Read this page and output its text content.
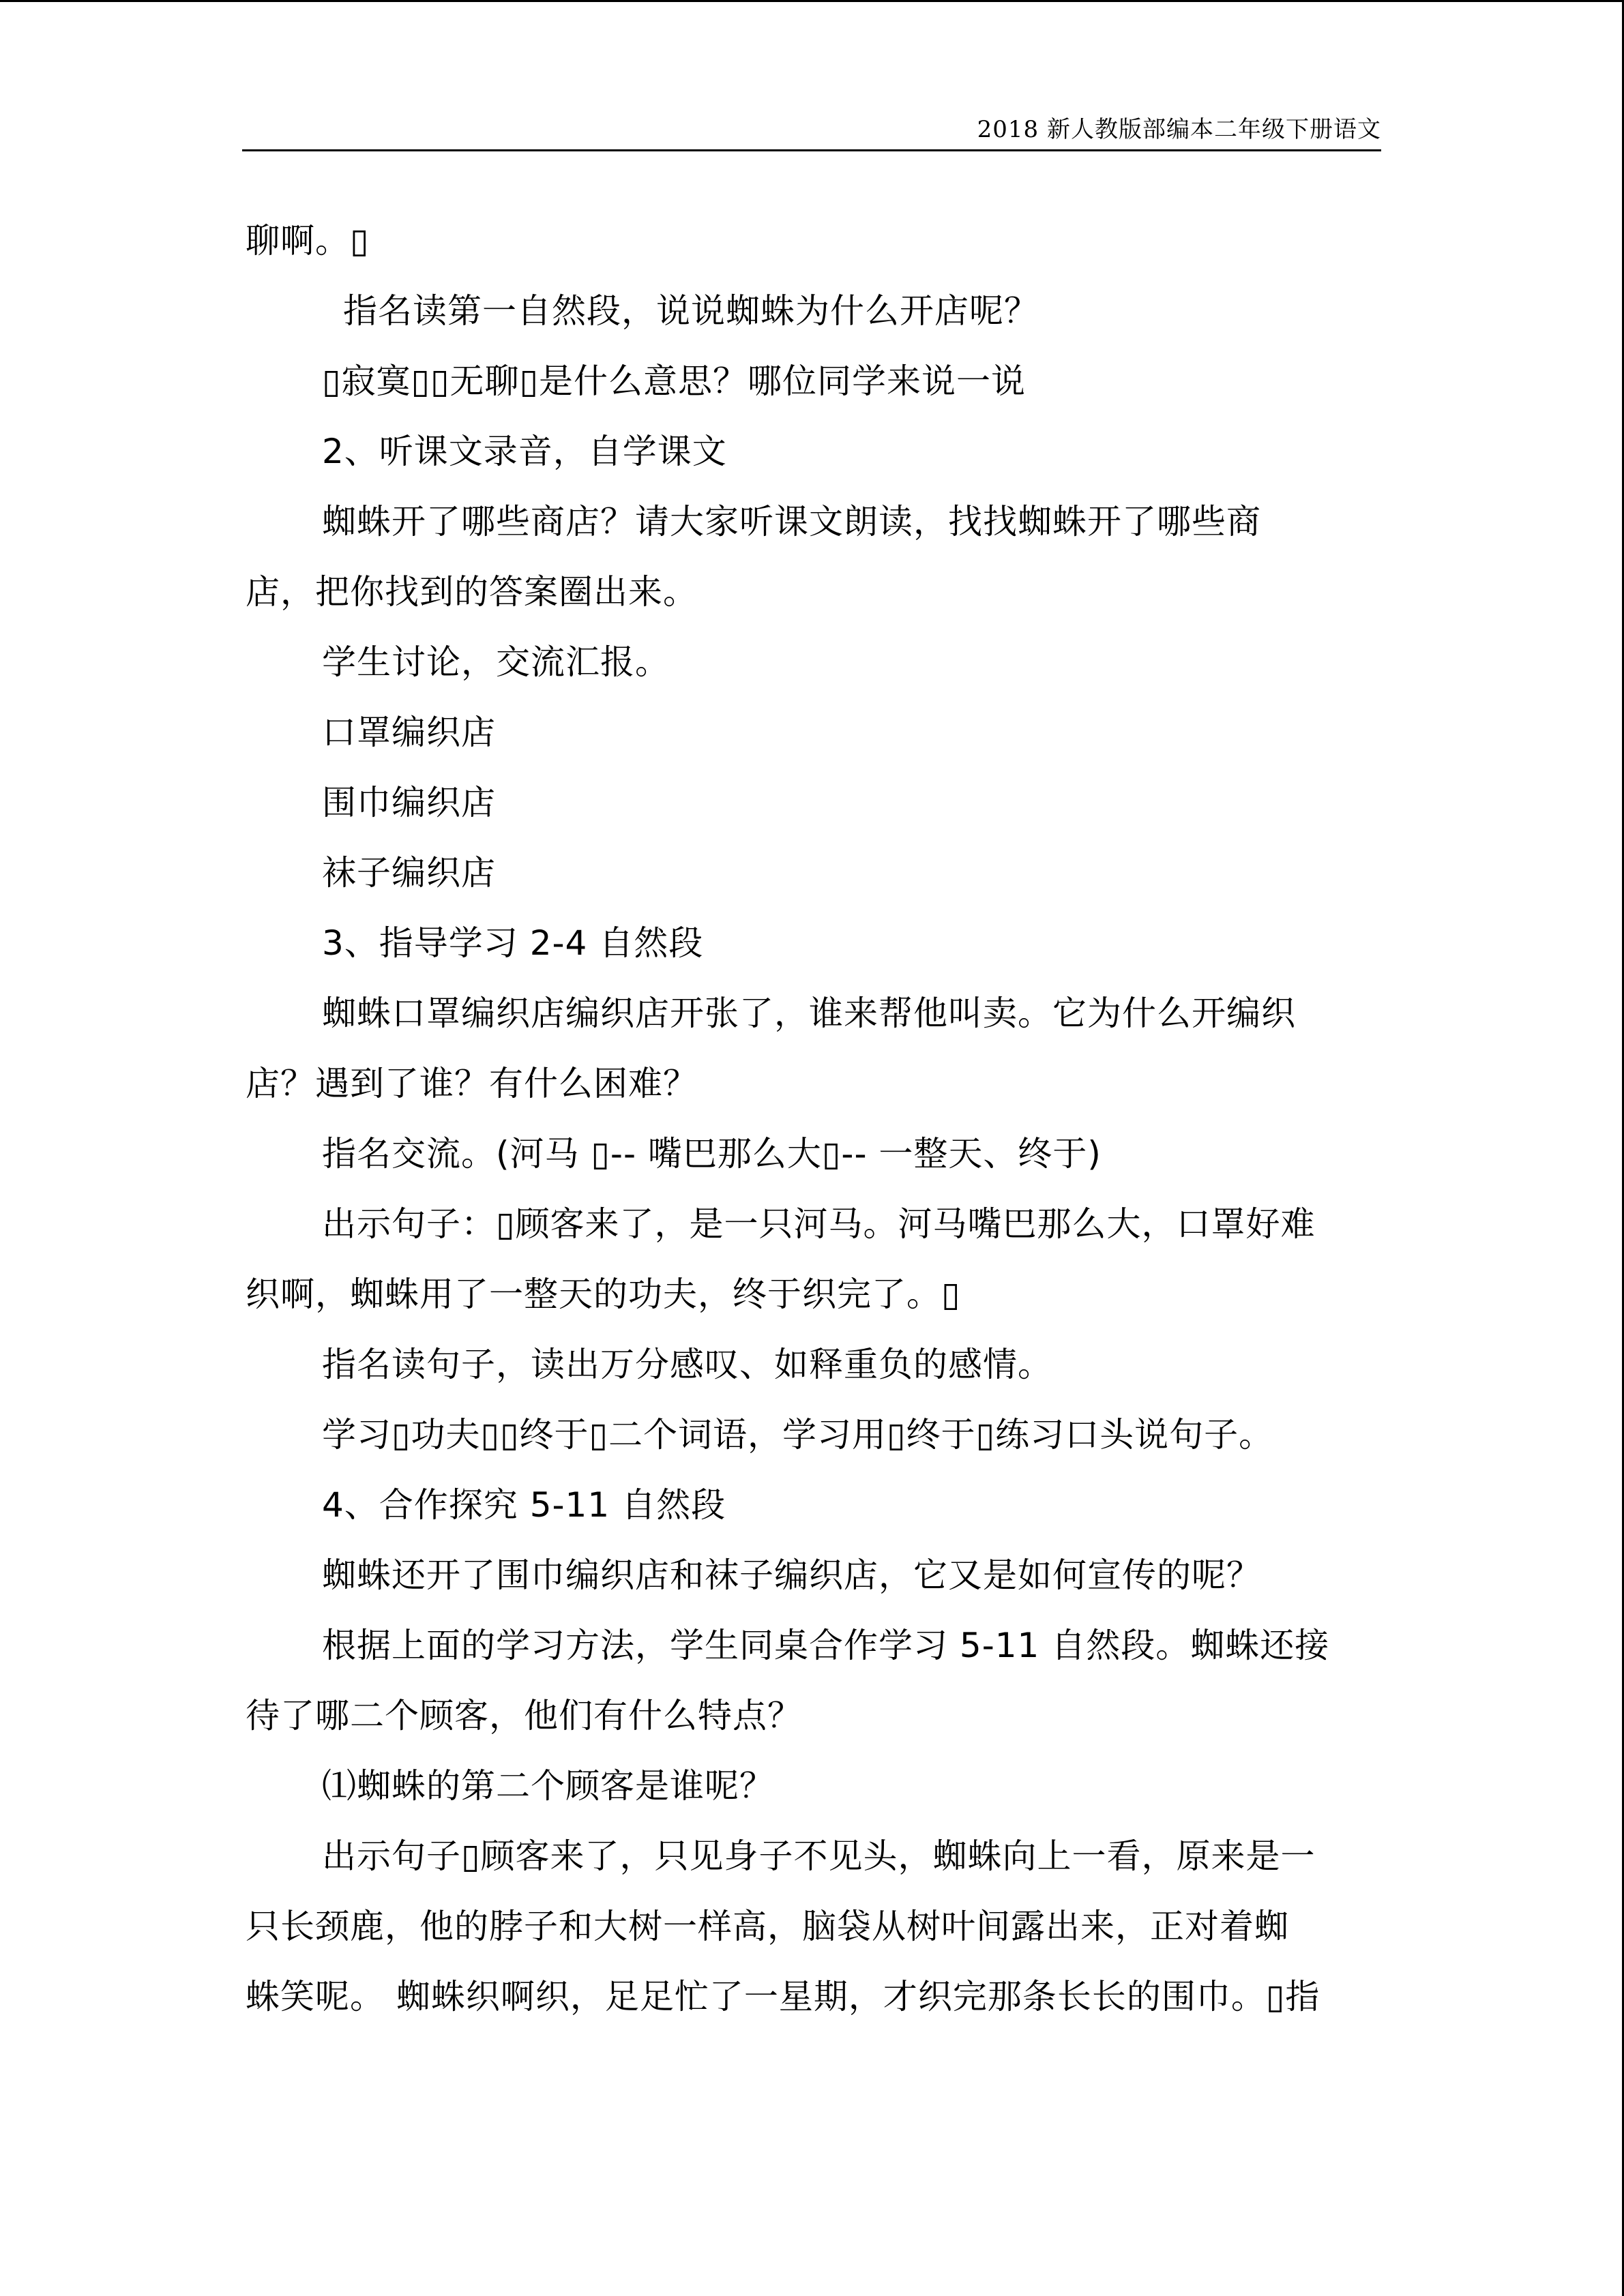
2018 新人教版部编本二年级下册语文
聊啊。▯
指名读第一自然段，说说蜘蛛为什么开店呢？
▯寂寞▯▯无聊▯是什么意思？哪位同学来说一说
2、听课文录音，自学课文
蜘蛛开了哪些商店？请大家听课文朗读，找找蜘蛛开了哪些商
店，把你找到的答案圈出来。
学生讨论，交流汇报。
口罩编织店
围巾编织店
袜子编织店
3、指导学习 2-4 自然段
蜘蛛口罩编织店编织店开张了，谁来帮他叫卖。它为什么开编织
店？遇到了谁？有什么困难？
指名交流。(河马 ▯-- 嘴巴那么大▯-- 一整天、终于)
出示句子：▯顾客来了，是一只河马。河马嘴巴那么大，口罩好难
织啊，蜘蛛用了一整天的功夫，终于织完了。▯
指名读句子，读出万分感叹、如释重负的感情。
学习▯功夫▯▯终于▯二个词语，学习用▯终于▯练习口头说句子。
4、合作探究 5-11 自然段
蜘蛛还开了围巾编织店和袜子编织店，它又是如何宣传的呢？
根据上面的学习方法，学生同桌合作学习 5-11 自然段。蜘蛛还接
待了哪二个顾客，他们有什么特点？
⑴蜘蛛的第二个顾客是谁呢？
出示句子▯顾客来了，只见身子不见头，蜘蛛向上一看，原来是一
只长颈鹿，他的脖子和大树一样高，脑袋从树叶间露出来，正对着蜘
蛛笑呢。 蜘蛛织啊织，足足忙了一星期，才织完那条长长的围巾。▯指
